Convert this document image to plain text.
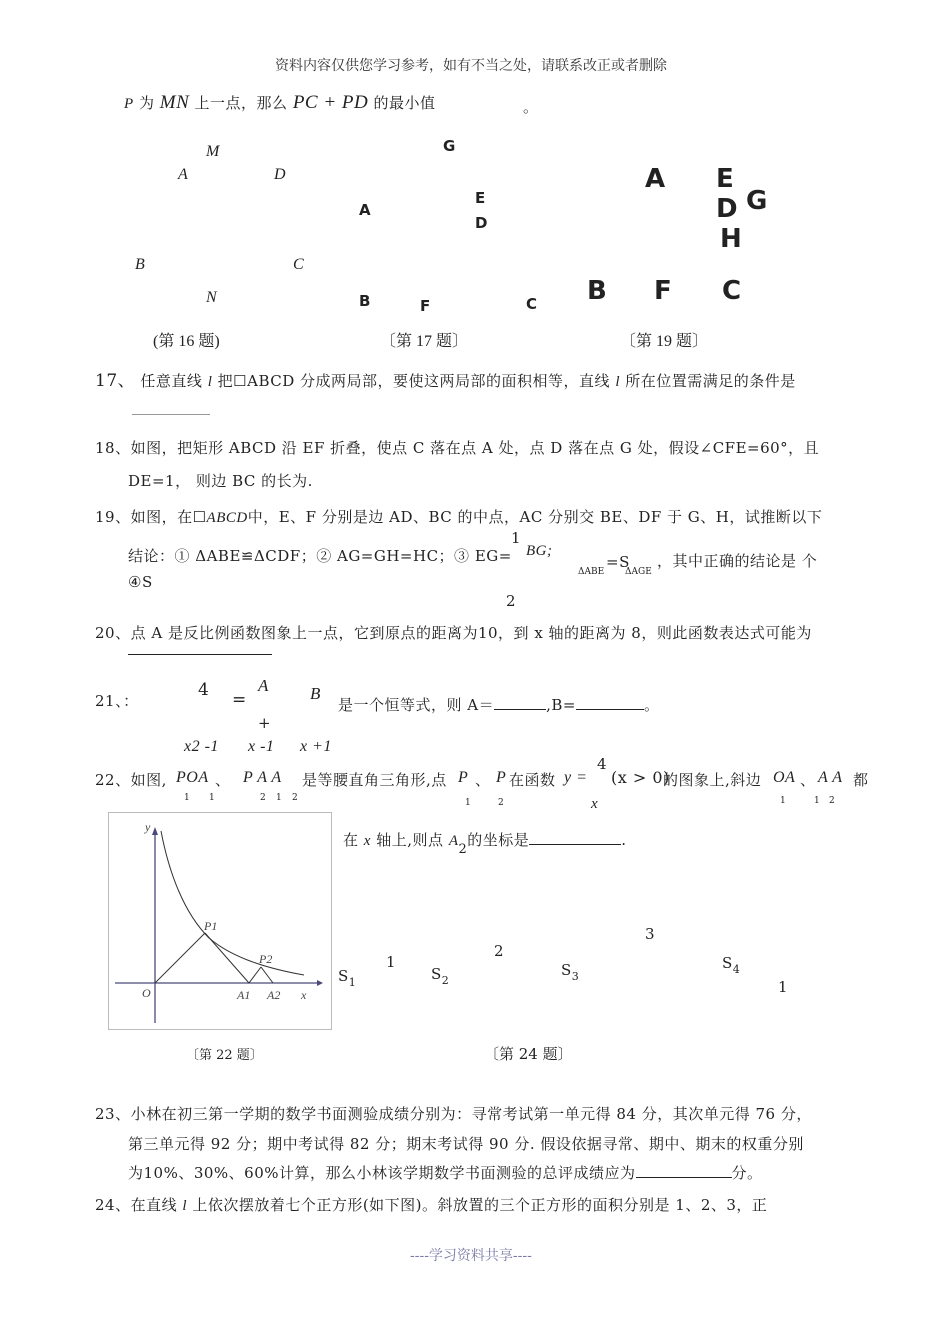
资料内容仅供您学习参考，如有不当之处，请联系改正或者删除
P 为 MN 上一点，那么 PC + PD 的最小值	。
M
A	D
B	C
N
(第 16 题)
G
A
E
D
B	F	C
〔第 17 题〕
A E
D G
H
B F C
〔第 19 题〕
17、 任意直线 l 把☐ABCD 分成两局部，要使这两局部的面积相等，直线 l 所在位置需满足的条件是
18、如图，把矩形 ABCD 沿 EF 折叠，使点 C 落在点 A 处，点 D 落在点 G 处，假设∠CFE=60°，且
DE=1， 则边 BC 的长为.
19、如图，在☐ABCD中，E、F 分别是边 AD、BC 的中点，AC 分别交 BE、DF 于 G、H，试推断以下
结论：① ΔABE≌ΔCDF；② AG=GH=HC；③ EG=
1
BG;
ΔABE
=S
ΔAGE
，其中正确的结论是 个
④S
2
20、点 A 是反比例函数图象上一点，它到原点的距离为10，到 x 轴的距离为 8，则此函数表达式可能为
21、：
4 =
A
+
B
x2 -1 x -1 x +1
是一个恒等式，则 A＝	,B=	。
22、如图, POA 、 P A A 是等腰直角三角形,点 P 、 P 在函数 y =
4
x
(x > 0)
的图象上,斜边 OA 、 A A 都
1 1	2 1 2	1	2	1	1 2
y
O
P1
P2
A1 A2 x
〔第 22 题〕
在 x 轴上,则点 A2的坐标是	.
3
2
1
1
$S_1$	$S_2$
$S_3$
$S_4$
〔第 24 题〕
23、小林在初三第一学期的数学书面测验成绩分别为：寻常考试第一单元得 84 分，其次单元得 76 分，
第三单元得 92 分；期中考试得 82 分；期末考试得 90 分. 假设依据寻常、期中、期末的权重分别
为10%、30%、60%计算，那么小林该学期数学书面测验的总评成绩应为	分。
24、在直线 l 上依次摆放着七个正方形(如下图)。斜放置的三个正方形的面积分别是 1、2、3，正
----学习资料共享----
